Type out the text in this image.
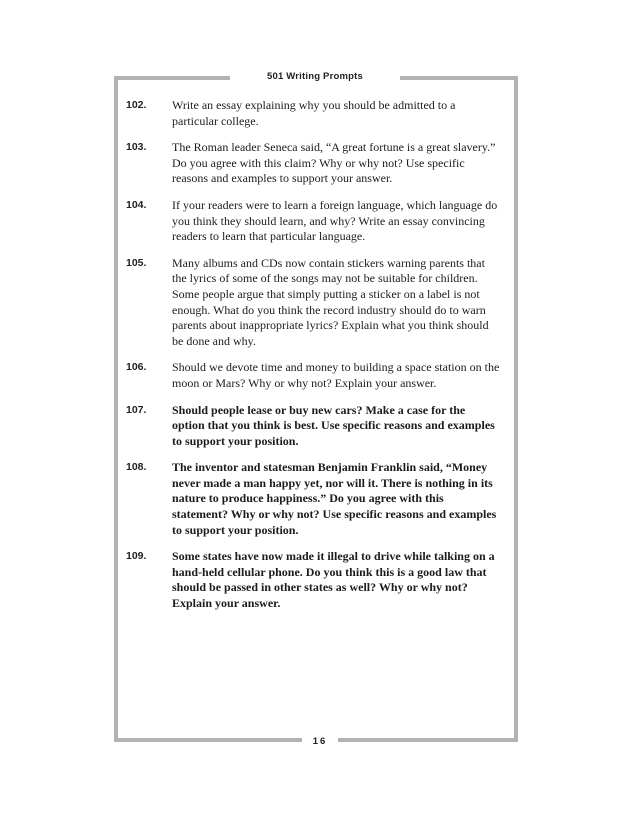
501 Writing Prompts
102.	Write an essay explaining why you should be admitted to a particular college.
103.	The Roman leader Seneca said, “A great fortune is a great slavery.” Do you agree with this claim? Why or why not? Use specific reasons and examples to support your answer.
104.	If your readers were to learn a foreign language, which language do you think they should learn, and why? Write an essay convincing readers to learn that particular language.
105.	Many albums and CDs now contain stickers warning parents that the lyrics of some of the songs may not be suitable for children. Some people argue that simply putting a sticker on a label is not enough. What do you think the record industry should do to warn parents about inappropriate lyrics? Explain what you think should be done and why.
106.	Should we devote time and money to building a space station on the moon or Mars? Why or why not? Explain your answer.
107.	Should people lease or buy new cars? Make a case for the option that you think is best. Use specific reasons and examples to support your position.
108.	The inventor and statesman Benjamin Franklin said, “Money never made a man happy yet, nor will it. There is nothing in its nature to produce happiness.” Do you agree with this statement? Why or why not? Use specific reasons and examples to support your position.
109.	Some states have now made it illegal to drive while talking on a hand-held cellular phone. Do you think this is a good law that should be passed in other states as well? Why or why not? Explain your answer.
16
